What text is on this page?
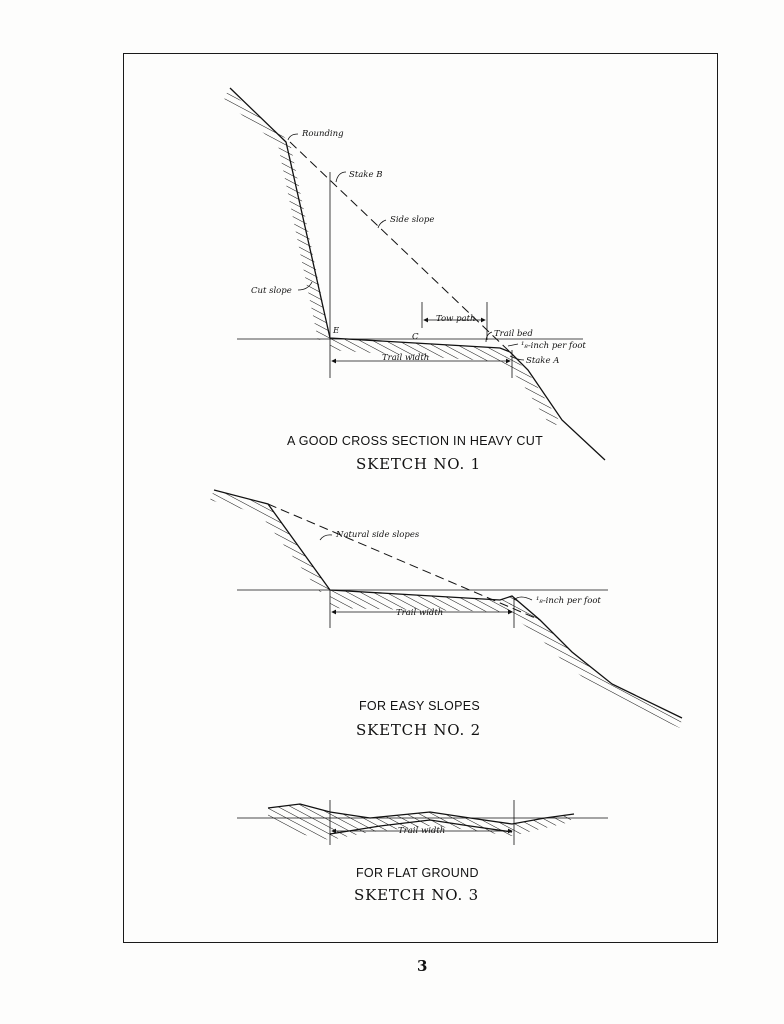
Rounding
Stake B
Side slope
Cut slope
Tow path
Trail bed
¹₈-inch per foot
Stake A
Trail width
E
C
A GOOD CROSS SECTION IN HEAVY CUT
SKETCH NO. 1
Natural side slopes
¹₈-inch per foot
Trail width
FOR EASY SLOPES
SKETCH NO. 2
Trail width
FOR FLAT GROUND
SKETCH NO. 3
3
